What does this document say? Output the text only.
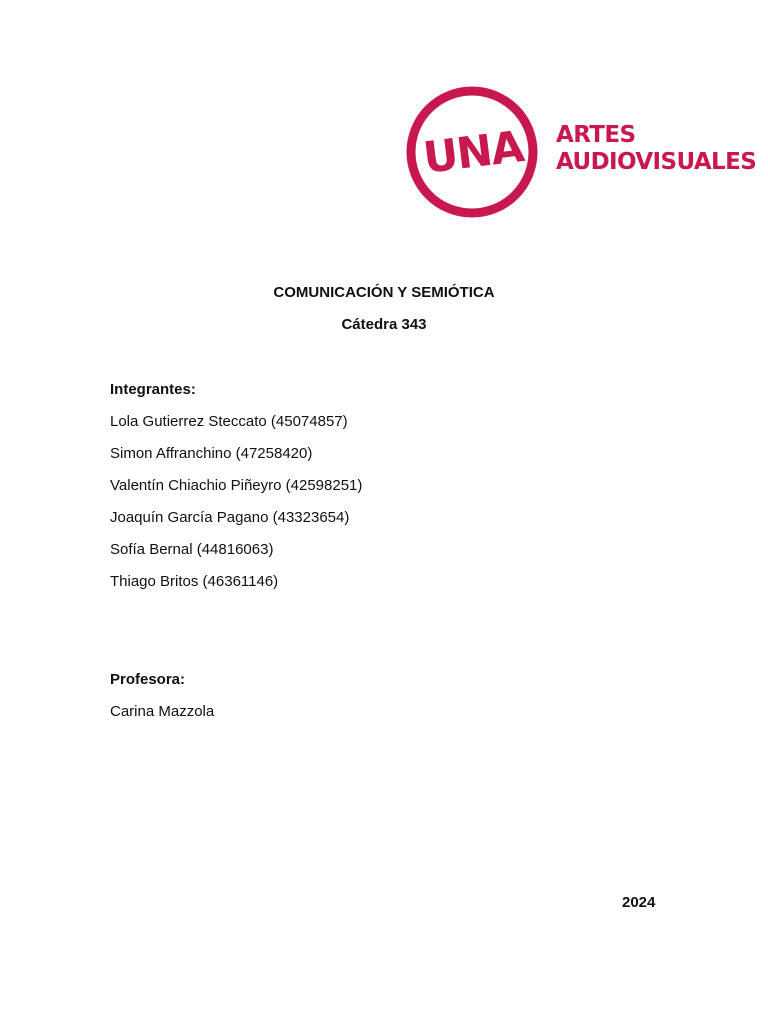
UNA ARTES
AUDIOVISUALES
COMUNICACIÓN Y SEMIÓTICA
Cátedra 343
Integrantes:
Lola Gutierrez Steccato (45074857)
Simon Affranchino (47258420)
Valentín Chiachio Piñeyro (42598251)
Joaquín García Pagano (43323654)
Sofía Bernal (44816063)
Thiago Britos (46361146)
Profesora:
Carina Mazzola
2024
